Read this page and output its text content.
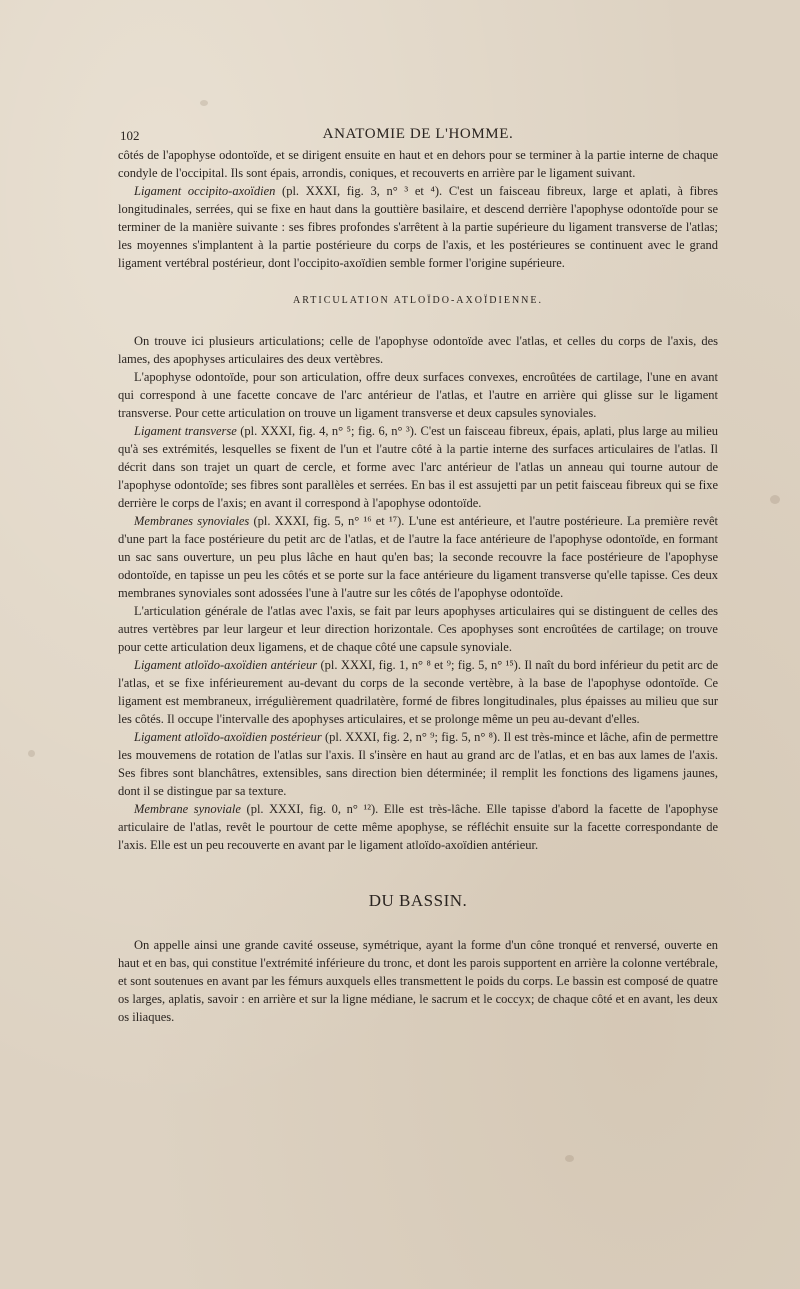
102	ANATOMIE DE L'HOMME.

côtés de l'apophyse odontoïde, et se dirigent ensuite en haut et en dehors pour se terminer à la partie interne de chaque condyle de l'occipital. Ils sont épais, arrondis, coniques, et recouverts en arrière par le ligament suivant.

Ligament occipito-axoïdien (pl. XXXI, fig. 3, n° ³ et ⁴). C'est un faisceau fibreux, large et aplati, à fibres longitudinales, serrées, qui se fixe en haut dans la gouttière basilaire, et descend derrière l'apophyse odontoïde pour se terminer de la manière suivante : ses fibres profondes s'arrêtent à la partie supérieure du ligament transverse de l'atlas; les moyennes s'implantent à la partie postérieure du corps de l'axis, et les postérieures se continuent avec le grand ligament vertébral postérieur, dont l'occipito-axoïdien semble former l'origine supérieure.

ARTICULATION ATLOÏDO-AXOÏDIENNE.

On trouve ici plusieurs articulations; celle de l'apophyse odontoïde avec l'atlas, et celles du corps de l'axis, des lames, des apophyses articulaires des deux vertèbres.

L'apophyse odontoïde, pour son articulation, offre deux surfaces convexes, encroûtées de cartilage, l'une en avant qui correspond à une facette concave de l'arc antérieur de l'atlas, et l'autre en arrière qui glisse sur le ligament transverse. Pour cette articulation on trouve un ligament transverse et deux capsules synoviales.

Ligament transverse (pl. XXXI, fig. 4, n° ⁵; fig. 6, n° ³). C'est un faisceau fibreux, épais, aplati, plus large au milieu qu'à ses extrémités, lesquelles se fixent de l'un et l'autre côté à la partie interne des surfaces articulaires de l'atlas. Il décrit dans son trajet un quart de cercle, et forme avec l'arc antérieur de l'atlas un anneau qui tourne autour de l'apophyse odontoïde; ses fibres sont parallèles et serrées. En bas il est assujetti par un petit faisceau fibreux qui se fixe derrière le corps de l'axis; en avant il correspond à l'apophyse odontoïde.

Membranes synoviales (pl. XXXI, fig. 5, n° ¹⁶ et ¹⁷). L'une est antérieure, et l'autre postérieure. La première revêt d'une part la face postérieure du petit arc de l'atlas, et de l'autre la face antérieure de l'apophyse odontoïde, en formant un sac sans ouverture, un peu plus lâche en haut qu'en bas; la seconde recouvre la face postérieure de l'apophyse odontoïde, en tapisse un peu les côtés et se porte sur la face antérieure du ligament transverse qu'elle tapisse. Ces deux membranes synoviales sont adossées l'une à l'autre sur les côtés de l'apophyse odontoïde.

L'articulation générale de l'atlas avec l'axis, se fait par leurs apophyses articulaires qui se distinguent de celles des autres vertèbres par leur largeur et leur direction horizontale. Ces apophyses sont encroûtées de cartilage; on trouve pour cette articulation deux ligamens, et de chaque côté une capsule synoviale.

Ligament atloïdo-axoïdien antérieur (pl. XXXI, fig. 1, n° ⁸ et ⁹; fig. 5, n° ¹⁵). Il naît du bord inférieur du petit arc de l'atlas, et se fixe inférieurement au-devant du corps de la seconde vertèbre, à la base de l'apophyse odontoïde. Ce ligament est membraneux, irrégulièrement quadrilatère, formé de fibres longitudinales, plus épaisses au milieu que sur les côtés. Il occupe l'intervalle des apophyses articulaires, et se prolonge même un peu au-devant d'elles.

Ligament atloïdo-axoïdien postérieur (pl. XXXI, fig. 2, n° ⁹; fig. 5, n° ⁸). Il est très-mince et lâche, afin de permettre les mouvemens de rotation de l'atlas sur l'axis. Il s'insère en haut au grand arc de l'atlas, et en bas aux lames de l'axis. Ses fibres sont blanchâtres, extensibles, sans direction bien déterminée; il remplit les fonctions des ligamens jaunes, dont il se distingue par sa texture.

Membrane synoviale (pl. XXXI, fig. 0, n° ¹²). Elle est très-lâche. Elle tapisse d'abord la facette de l'apophyse articulaire de l'atlas, revêt le pourtour de cette même apophyse, se réfléchit ensuite sur la facette correspondante de l'axis. Elle est un peu recouverte en avant par le ligament atloïdo-axoïdien antérieur.

DU BASSIN.

On appelle ainsi une grande cavité osseuse, symétrique, ayant la forme d'un cône tronqué et renversé, ouverte en haut et en bas, qui constitue l'extrémité inférieure du tronc, et dont les parois supportent en arrière la colonne vertébrale, et sont soutenues en avant par les fémurs auxquels elles transmettent le poids du corps. Le bassin est composé de quatre os larges, aplatis, savoir : en arrière et sur la ligne médiane, le sacrum et le coccyx; de chaque côté et en avant, les deux os iliaques.
